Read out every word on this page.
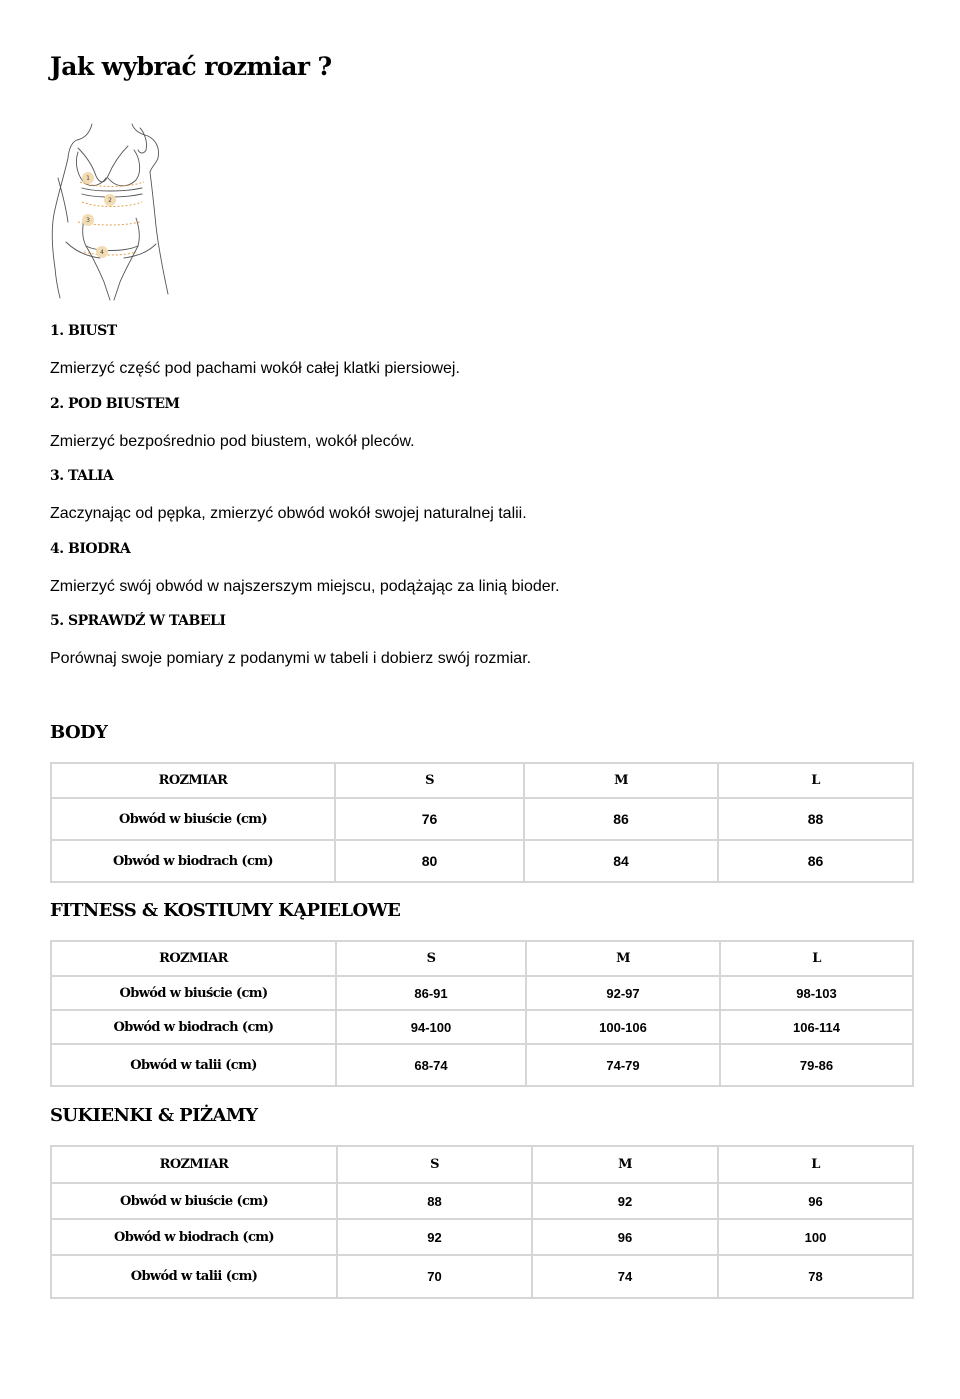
Jak wybrać rozmiar ?
1
2
3
4
1. BIUST

Zmierzyć część pod pachami wokół całej klatki piersiowej.

2. POD BIUSTEM

Zmierzyć bezpośrednio pod biustem, wokół pleców.

3. TALIA

Zaczynając od pępka, zmierzyć obwód wokół swojej naturalnej talii.

4. BIODRA

Zmierzyć swój obwód w najszerszym miejscu, podążając za linią bioder.

5. SPRAWDŹ W TABELI

Porównaj swoje pomiary z podanymi w tabeli i dobierz swój rozmiar.

BODY
ROZMIAR	S	M	L
Obwód w biuście (cm)	76	86	88
Obwód w biodrach (cm)	80	84	86
FITNESS & KOSTIUMY KĄPIELOWE
ROZMIAR	S	M	L
Obwód w biuście (cm)	86-91	92-97	98-103
Obwód w biodrach (cm)	94-100	100-106	106-114
Obwód w talii (cm)	68-74	74-79	79-86
SUKIENKI & PIŻAMY
ROZMIAR	S	M	L
Obwód w biuście (cm)	88	92	96
Obwód w biodrach (cm)	92	96	100
Obwód w talii (cm)	70	74	78
